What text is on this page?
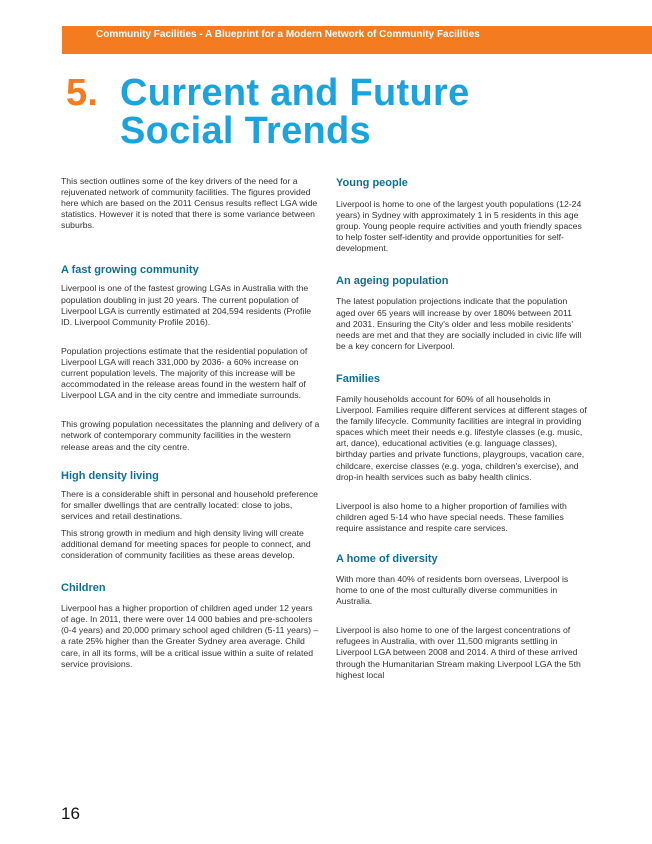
Community Facilities - A Blueprint for a Modern Network of Community Facilities
5. Current and Future
Social Trends

This section outlines some of the key drivers of the need for a rejuvenated network of community facilities. The figures provided here which are based on the 2011 Census results reflect LGA wide statistics. However it is noted that there is some variance between suburbs.

A fast growing community

Liverpool is one of the fastest growing LGAs in Australia with the population doubling in just 20 years. The current population of Liverpool LGA is currently estimated at 204,594 residents (Profile ID. Liverpool Community Profile 2016).

Population projections estimate that the residential population of Liverpool LGA will reach 331,000 by 2036- a 60% increase on current population levels. The majority of this increase will be accommodated in the release areas found in the western half of Liverpool LGA and in the city centre and immediate surrounds.

This growing population necessitates the planning and delivery of a network of contemporary community facilities in the western release areas and the city centre.

High density living

There is a considerable shift in personal and household preference for smaller dwellings that are centrally located: close to jobs, services and retail destinations.

This strong growth in medium and high density living will create additional demand for meeting spaces for people to connect, and consideration of community facilities as these areas develop.

Children

Liverpool has a higher proportion of children aged under 12 years of age. In 2011, there were over 14 000 babies and pre-schoolers (0-4 years) and 20,000 primary school aged children (5-11 years) – a rate 25% higher than the Greater Sydney area average. Child care, in all its forms, will be a critical issue within a suite of related service provisions.

Young people

Liverpool is home to one of the largest youth populations (12-24 years) in Sydney with approximately 1 in 5 residents in this age group. Young people require activities and youth friendly spaces to help foster self-identity and provide opportunities for self-development.

An ageing population

The latest population projections indicate that the population aged over 65 years will increase by over 180% between 2011 and 2031. Ensuring the City's older and less mobile residents' needs are met and that they are socially included in civic life will be a key concern for Liverpool.

Families

Family households account for 60% of all households in Liverpool. Families require different services at different stages of the family lifecycle. Community facilities are integral in providing spaces which meet their needs e.g. lifestyle classes (e.g. music, art, dance), educational activities (e.g. language classes), birthday parties and private functions, playgroups, vacation care, childcare, exercise classes (e.g. yoga, children's exercise), and drop-in health services such as baby health clinics.

Liverpool is also home to a higher proportion of families with children aged 5-14 who have special needs. These families require assistance and respite care services.

A home of diversity

With more than 40% of residents born overseas, Liverpool is home to one of the most culturally diverse communities in Australia.

Liverpool is also home to one of the largest concentrations of refugees in Australia, with over 11,500 migrants settling in Liverpool LGA between 2008 and 2014. A third of these arrived through the Humanitarian Stream making Liverpool LGA the 5th highest local

16
